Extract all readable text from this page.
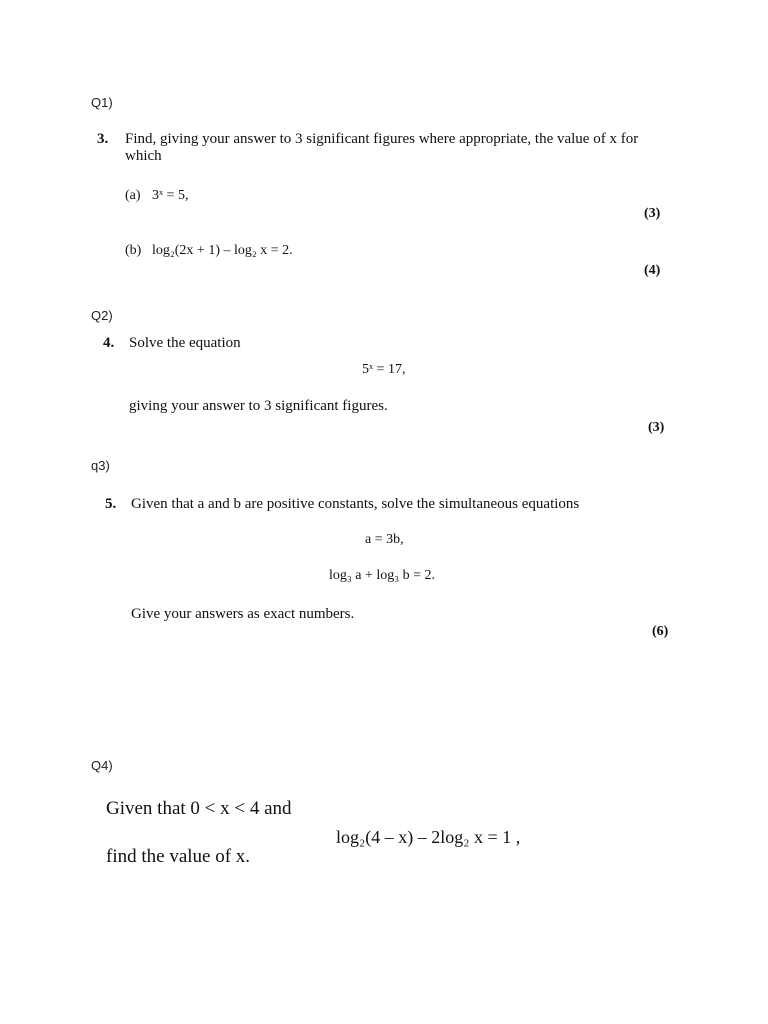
Q1)
3. Find, giving your answer to 3 significant figures where appropriate, the value of x for
which
(a) 3ˣ = 5,
(3)
(b) log₂(2x + 1) – log₂ x = 2.
(4)
Q2)
4. Solve the equation
5ˣ = 17,
giving your answer to 3 significant figures.
(3)
q3)
5. Given that a and b are positive constants, solve the simultaneous equations
a = 3b,
log₃ a + log₃ b = 2.
Give your answers as exact numbers.
(6)
Q4)
Given that 0 < x < 4 and
log₂(4 – x) – 2log₂ x = 1 ,
find the value of x.
